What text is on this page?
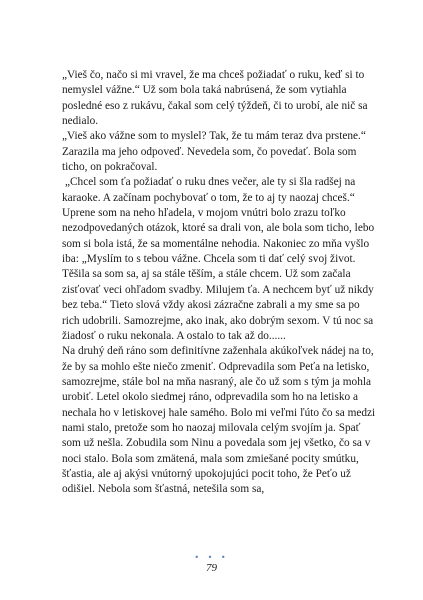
„Vieš čo, načo si mi vravel, že ma chceš požiadať o ruku, keď si to nemyslel vážne.“ Už som bola taká nabrúsená, že som vytiahla posledné eso z rukávu, čakal som celý týždeň, či to urobí, ale nič sa nedialo.

„Vieš ako vážne som to myslel? Tak, že tu mám teraz dva prstene.“ Zarazila ma jeho odpoveď. Nevedela som, čo povedať. Bola som ticho, on pokračoval.

„Chcel som ťa požiadať o ruku dnes večer, ale ty si šla radšej na karaoke. A začínam pochybovať o tom, že to aj ty naozaj chceš.“ Uprene som na neho hľadela, v mojom vnútri bolo zrazu toľko nezodpovedaných otázok, ktoré sa drali von, ale bola som ticho, lebo som si bola istá, že sa momentálne nehodia. Nakoniec zo mňa vyšlo iba: „Myslím to s tebou vážne. Chcela som ti dať celý svoj život. Těšila sa som sa, aj sa stále těším, a stále chcem. Už som začala zisťovať veci ohľadom svadby. Milujem ťa. A nechcem byť už nikdy bez teba.“ Tieto slová vždy akosi zázračne zabrali a my sme sa po rich udobrili. Samozrejme, ako inak, ako dobrým sexom. V tú noc sa žiadosť o ruku nekonala. A ostalo to tak až do......

Na druhý deň ráno som definitívne zaženhala akúkoľvek nádej na to, že by sa mohlo ešte niečo zmeniť. Odprevadila som Peťa na letisko, samozrejme, stále bol na mňa nasraný, ale čo už som s tým ja mohla urobiť. Letel okolo siedmej ráno, odprevadila som ho na letisko a nechala ho v letiskovej hale samého. Bolo mi veľmi ľúto čo sa medzi nami stalo, pretože som ho naozaj milovala celým svojím ja. Spať som už nešla. Zobudila som Ninu a povedala som jej všetko, čo sa v noci stalo. Bola som zmätená, mala som zmiešané pocity smútku, šťastia, ale aj akýsi vnútorný upokojujúci pocit toho, že Peťo už odišiel. Nebola som šťastná, netešila som sa,

• • •
79
